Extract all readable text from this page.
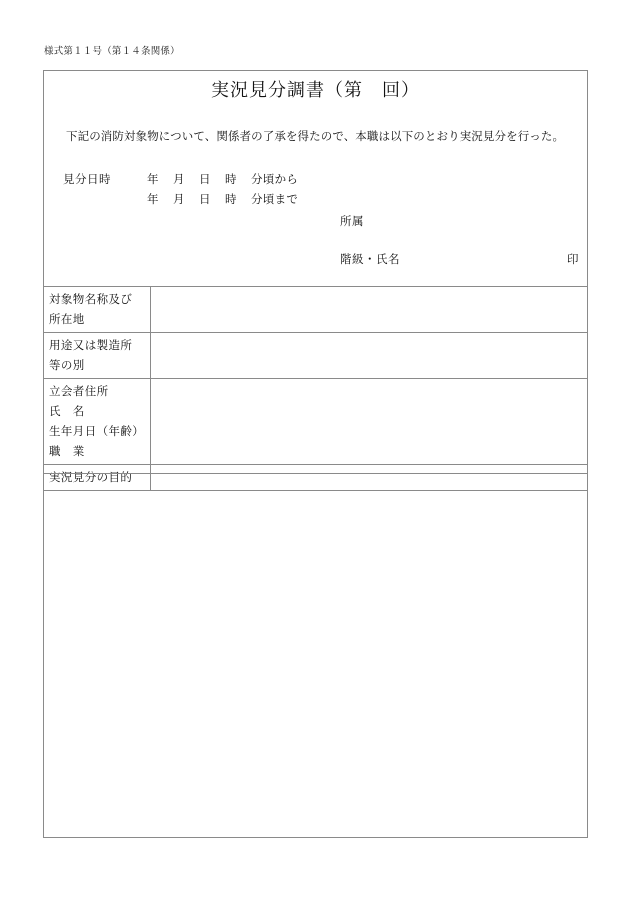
様式第１１号（第１４条関係）
実況見分調書（第　回）
下記の消防対象物について、関係者の了承を得たので、本職は以下のとおり実況見分を行った。
見分日時	年	月	日	時	分頃から
年	月	日	時	分頃まで
所属
階級・氏名	印
対象物名称及び
所在地	

用途又は製造所
等の別	

立会者住所
氏　名
生年月日（年齢）
職　業	

実況見分の目的	
